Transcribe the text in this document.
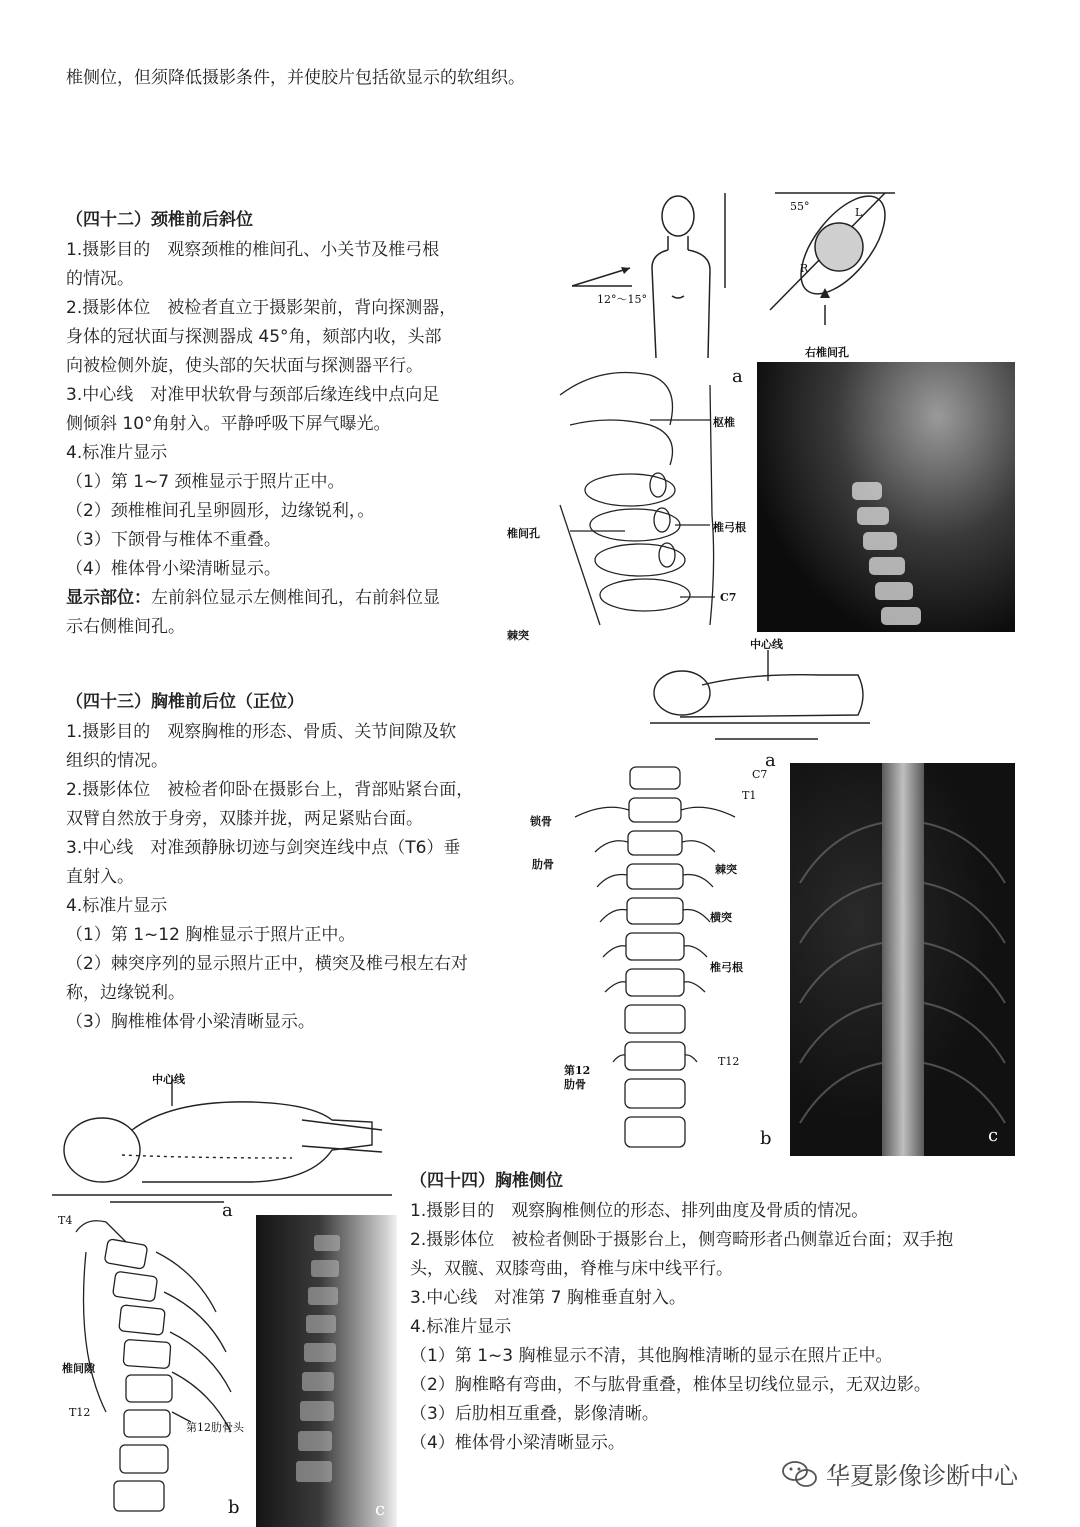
椎侧位，但须降低摄影条件，并使胶片包括欲显示的软组织。
（四十二）颈椎前后斜位
1.摄影目的　观察颈椎的椎间孔、小关节及椎弓根
的情况。
2.摄影体位　被检者直立于摄影架前，背向探测器，
身体的冠状面与探测器成 45°角，颏部内收，头部
向被检侧外旋，使头部的矢状面与探测器平行。
3.中心线　对准甲状软骨与颈部后缘连线中点向足
侧倾斜 10°角射入。平静呼吸下屏气曝光。
4.标准片显示
（1）第 1~7 颈椎显示于照片正中。
（2）颈椎椎间孔呈卵圆形，边缘锐利，。
（3）下颌骨与椎体不重叠。
（4）椎体骨小梁清晰显示。
显示部位：左前斜位显示左侧椎间孔，右前斜位显
示右侧椎间孔。
12°～15°
55°	L
R
右椎间孔
枢椎
椎弓根
椎间孔
C7
棘突
a
（四十三）胸椎前后位（正位）
1.摄影目的　观察胸椎的形态、骨质、关节间隙及软
组织的情况。
2.摄影体位　被检者仰卧在摄影台上，背部贴紧台面，
双臂自然放于身旁，双膝并拢，两足紧贴台面。
3.中心线　对准颈静脉切迹与剑突连线中点（T6）垂
直射入。
4.标准片显示
（1）第 1~12 胸椎显示于照片正中。
（2）棘突序列的显示照片正中，横突及椎弓根左右对
称，边缘锐利。
（3）胸椎椎体骨小梁清晰显示。
中心线
a
C7
T1
锁骨
肋骨	棘突
横突
椎弓根
第12
肋骨
T12
b	c
中心线
a
T4
椎间隙
T12
第12肋骨头
b	c
（四十四）胸椎侧位
1.摄影目的　观察胸椎侧位的形态、排列曲度及骨质的情况。
2.摄影体位　被检者侧卧于摄影台上，侧弯畸形者凸侧靠近台面；双手抱
头，双髋、双膝弯曲，脊椎与床中线平行。
3.中心线　对准第 7 胸椎垂直射入。
4.标准片显示
（1）第 1~3 胸椎显示不清，其他胸椎清晰的显示在照片正中。
（2）胸椎略有弯曲，不与肱骨重叠，椎体呈切线位显示，无双边影。
（3）后肋相互重叠，影像清晰。
（4）椎体骨小梁清晰显示。
华夏影像诊断中心
